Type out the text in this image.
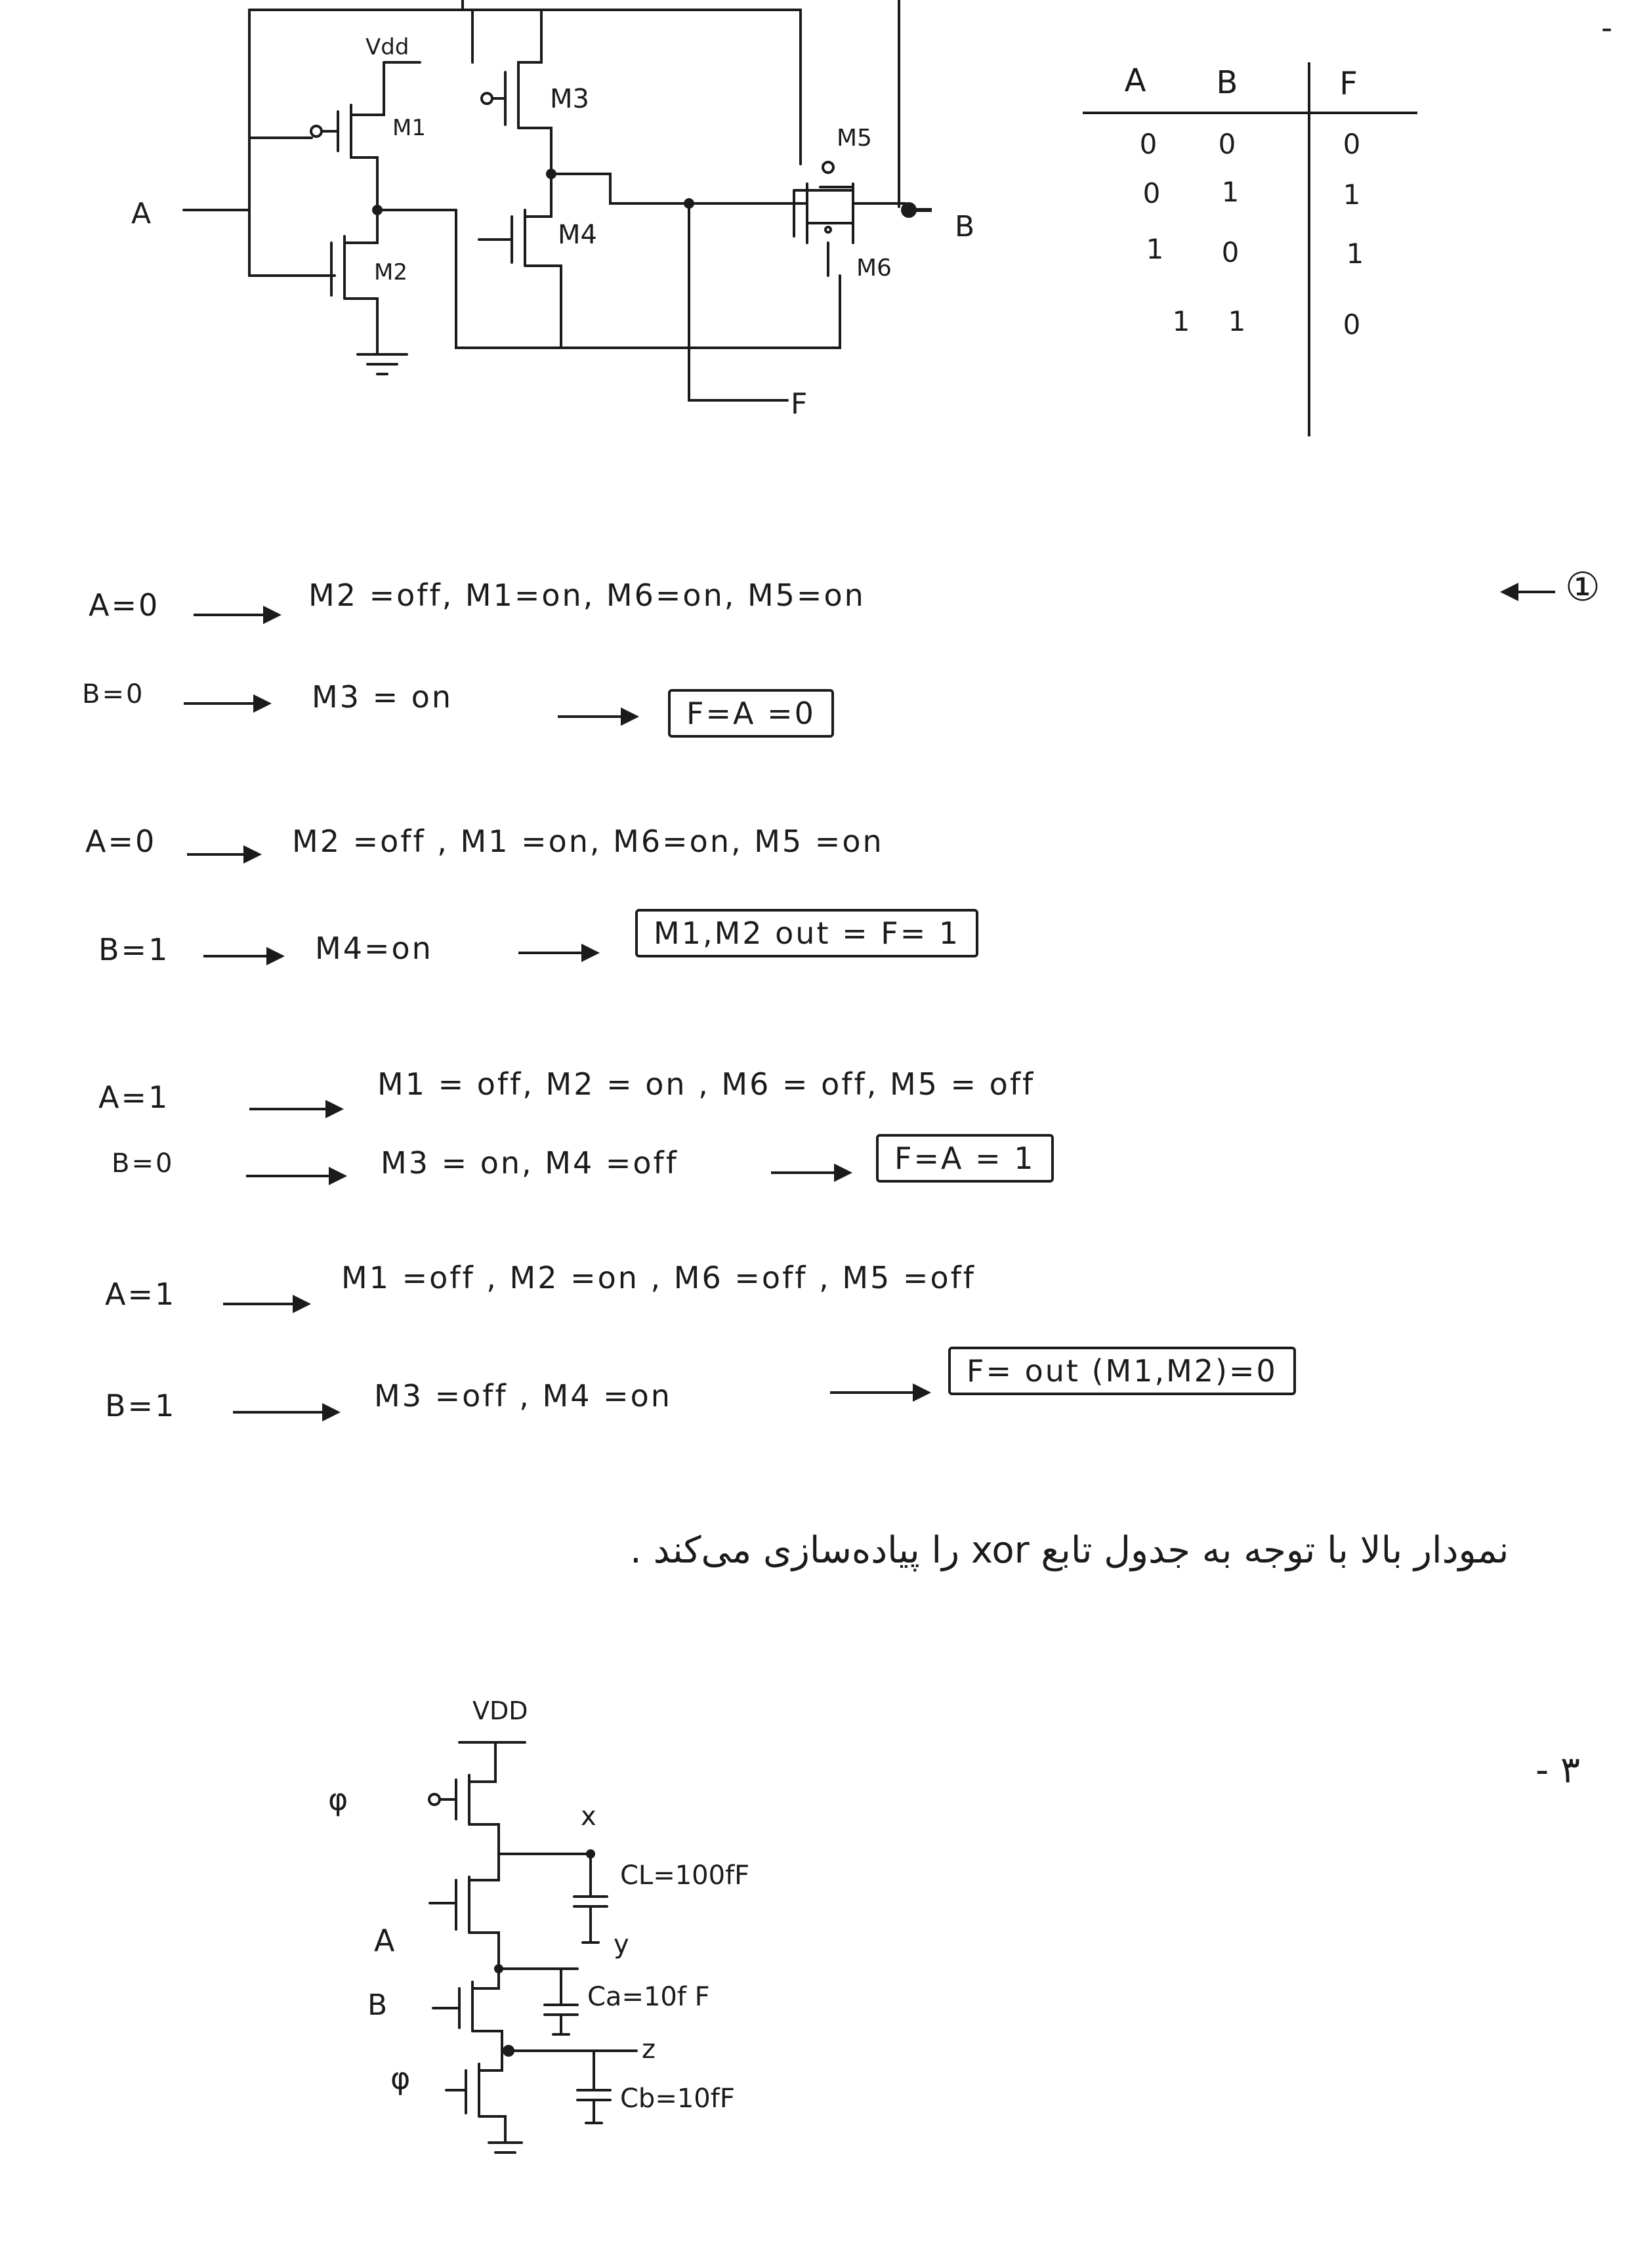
Vdd
M1
M2
M3
M4
M5
M6
A	B
F
-
A B	F
0	0	0
0	1	1
1	0	1
1	1	0
①
A=0	M2 =off, M1=on, M6=on, M5=on
B=0	M3 = on	F=A =0
A=0	M2 =off , M1 =on, M6=on, M5 =on
B=1	M4=on	M1,M2 out = F= 1
A=1	M1 = off, M2 = on , M6 = off, M5 = off
B=0	M3 = on, M4 =off	F=A = 1
A=1	M1 =off , M2 =on , M6 =off , M5 =off
B=1	M3 =off , M4 =on
F= out (M1,M2)=0
نمودار بالا با توجه به جدول تابع xor را پیاده‌سازی می‌کند .
- ۳
VDD
φ	x
CL=100fF
A	y
Ca=10f F
B
φ
z
Cb=10fF
